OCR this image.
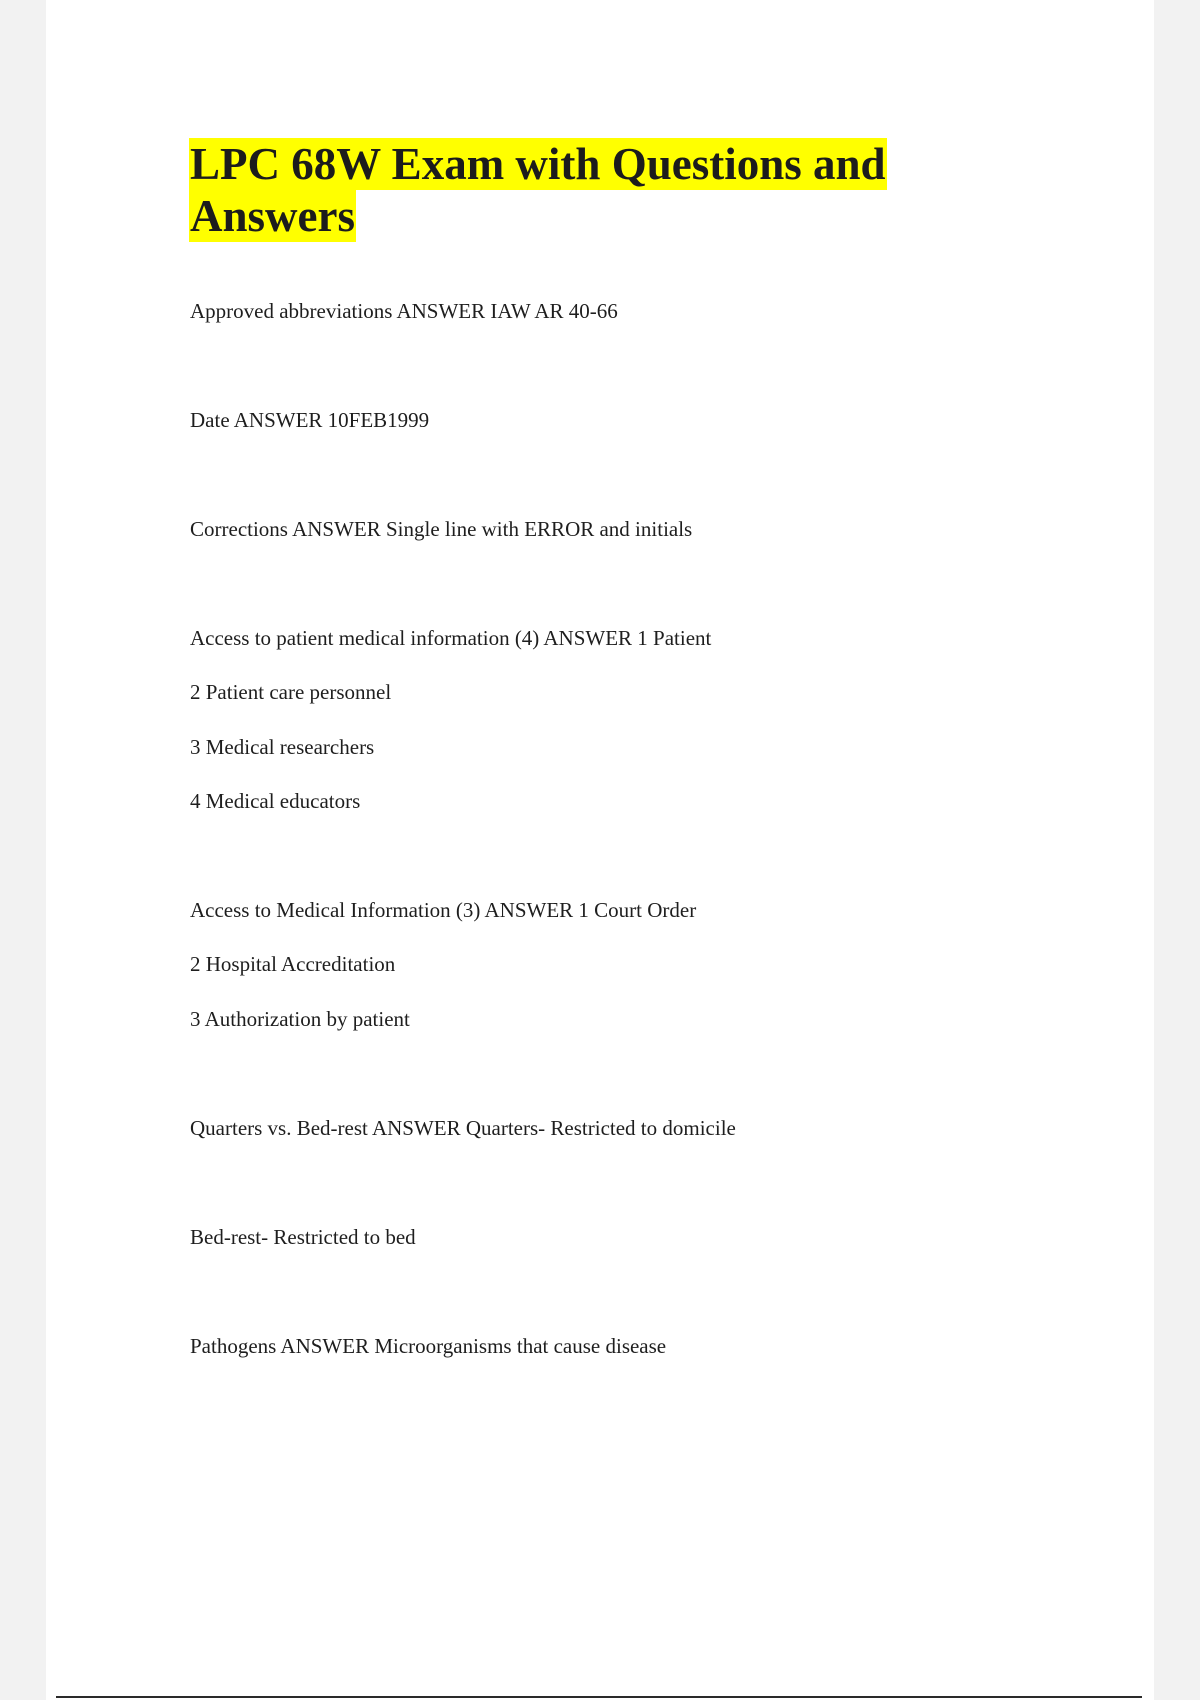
LPC 68W Exam with Questions and
Answers
Approved abbreviations ANSWER IAW AR 40-66
Date ANSWER 10FEB1999
Corrections ANSWER Single line with ERROR and initials
Access to patient medical information (4) ANSWER 1 Patient
2 Patient care personnel
3 Medical researchers
4 Medical educators
Access to Medical Information (3) ANSWER 1 Court Order
2 Hospital Accreditation
3 Authorization by patient
Quarters vs. Bed-rest ANSWER Quarters- Restricted to domicile
Bed-rest- Restricted to bed
Pathogens ANSWER Microorganisms that cause disease
